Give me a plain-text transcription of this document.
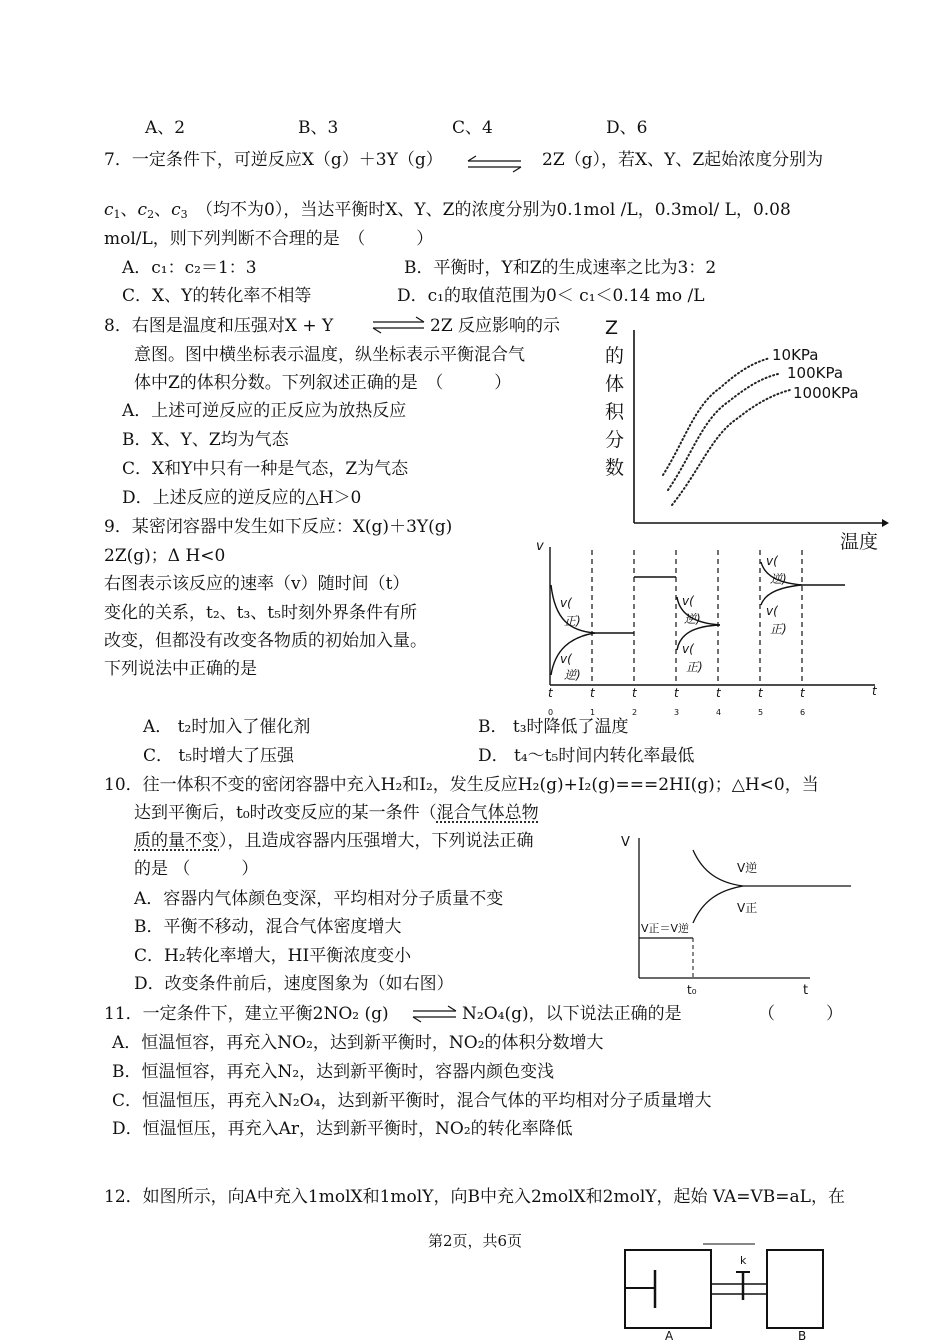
A、2	B、3	C、4	D、6
7．一定条件下，可逆反应X（g）＋3Y（g） ⇌ 2Z（g），若X、Y、Z起始浓度分别为
$c_1$、$c_2$、$c_3$ （均不为0），当达平衡时X、Y、Z的浓度分别为0.1mol /L，0.3mol/ L，0.08
mol/L，则下列判断不合理的是　（　　　）
A．c₁：c₂＝1：3	B．平衡时，Y和Z的生成速率之比为3：2
C．X、Y的转化率不相等	D．c₁的取值范围为0＜ c₁＜0.14 mo /L
8．右图是温度和压强对X + Y ⇌ 2Z 反应影响的示
意图。图中横坐标表示温度，纵坐标表示平衡混合气
体中Z的体积分数。下列叙述正确的是　（　　　）
A．上述可逆反应的正反应为放热反应
B．X、Y、Z均为气态
C．X和Y中只有一种是气态，Z为气态
D．上述反应的逆反应的△H＞0
Z
的
体
积
分
数
10KPa
100KPa
1000KPa
温度
9．某密闭容器中发生如下反应：X(g)＋3Y(g)
2Z(g)；Δ H<0
右图表示该反应的速率（v）随时间（t）
变化的关系，t₂、t₃、t₅时刻外界条件有所
改变，但都没有改变各物质的初始加入量。
下列说法中正确的是
v
v(
正)
v(
逆)
v(
逆)
v(
正)
v(
逆)
v(
正)
t	t	t	t	t	t	t	t
0	1	2	3	4	5	6
A． t₂时加入了催化剂	B． t₃时降低了温度
C． t₅时增大了压强	D． t₄～t₅时间内转化率最低
10．往一体积不变的密闭容器中充入H₂和I₂，发生反应H₂(g)+I₂(g)===2HI(g)；△H<0，当
达到平衡后，t₀时改变反应的某一条件（混合气体总物
质的量不变），且造成容器内压强增大，下列说法正确
的是 （　　　）
A．容器内气体颜色变深，平均相对分子质量不变
B．平衡不移动，混合气体密度增大
C．H₂转化率增大，HI平衡浓度变小
D．改变条件前后，速度图象为（如右图）
V
t
V正＝V逆
V逆
V正
t₀
11．一定条件下，建立平衡2NO₂ (g) ⇌ N₂O₄(g)，以下说法正确的是	（　　　）
A．恒温恒容，再充入NO₂，达到新平衡时，NO₂的体积分数增大
B．恒温恒容，再充入N₂，达到新平衡时，容器内颜色变浅
C．恒温恒压，再充入N₂O₄，达到新平衡时，混合气体的平均相对分子质量增大
D．恒温恒压，再充入Ar，达到新平衡时，NO₂的转化率降低
12．如图所示，向A中充入1molX和1molY，向B中充入2molX和2molY，起始 VA=VB=aL，在
第2页，共6页
k
A	B
